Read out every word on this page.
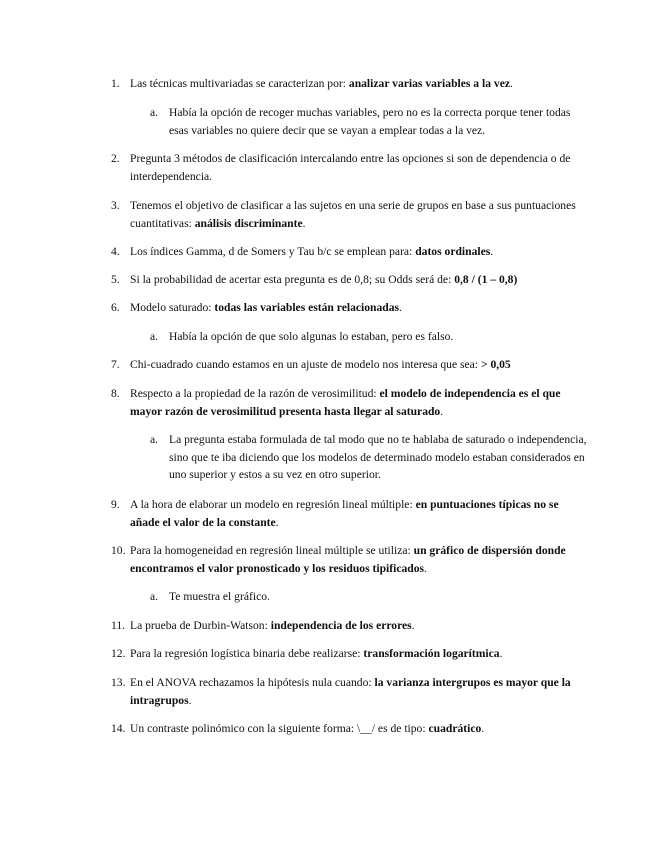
1. Las técnicas multivariadas se caracterizan por: analizar varias variables a la vez.
a. Había la opción de recoger muchas variables, pero no es la correcta porque tener todas esas variables no quiere decir que se vayan a emplear todas a la vez.
2. Pregunta 3 métodos de clasificación intercalando entre las opciones si son de dependencia o de interdependencia.
3. Tenemos el objetivo de clasificar a las sujetos en una serie de grupos en base a sus puntuaciones cuantitativas: análisis discriminante.
4. Los índices Gamma, d de Somers y Tau b/c se emplean para: datos ordinales.
5. Si la probabilidad de acertar esta pregunta es de 0,8; su Odds será de: 0,8 / (1 – 0,8)
6. Modelo saturado: todas las variables están relacionadas.
a. Había la opción de que solo algunas lo estaban, pero es falso.
7. Chi-cuadrado cuando estamos en un ajuste de modelo nos interesa que sea: > 0,05
8. Respecto a la propiedad de la razón de verosimilitud: el modelo de independencia es el que mayor razón de verosimilitud presenta hasta llegar al saturado.
a. La pregunta estaba formulada de tal modo que no te hablaba de saturado o independencia, sino que te iba diciendo que los modelos de determinado modelo estaban considerados en uno superior y estos a su vez en otro superior.
9. A la hora de elaborar un modelo en regresión lineal múltiple: en puntuaciones típicas no se añade el valor de la constante.
10. Para la homogeneidad en regresión lineal múltiple se utiliza: un gráfico de dispersión donde encontramos el valor pronosticado y los residuos tipificados.
a. Te muestra el gráfico.
11. La prueba de Durbin-Watson: independencia de los errores.
12. Para la regresión logística binaria debe realizarse: transformación logarítmica.
13. En el ANOVA rechazamos la hipótesis nula cuando: la varianza intergrupos es mayor que la intragrupos.
14. Un contraste polinómico con la siguiente forma: \__/ es de tipo: cuadrático.
